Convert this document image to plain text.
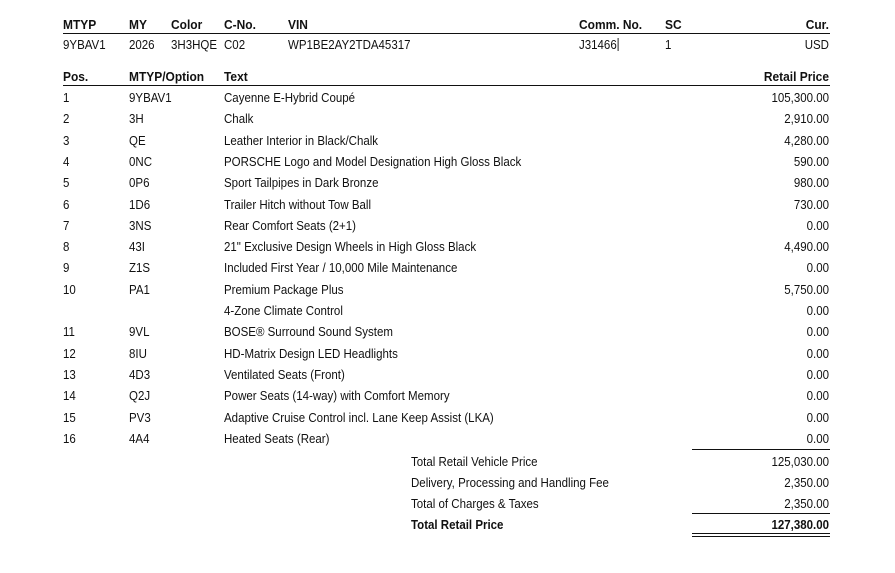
MTYP	MY Color C-No. VIN	Comm. No. SC	Cur.
9YBAV1 2026 3H3HQE C02	WP1BE2AY2TDA45317	J31466	1	USD
Pos.	MTYP/Option Text	Retail Price
1	9YBAV1	Cayenne E-Hybrid Coupé	105,300.00
2	3H	Chalk	2,910.00
3	QE	Leather Interior in Black/Chalk	4,280.00
4	0NC	PORSCHE Logo and Model Designation High Gloss Black	590.00
5	0P6	Sport Tailpipes in Dark Bronze	980.00
6	1D6	Trailer Hitch without Tow Ball	730.00
7	3NS	Rear Comfort Seats (2+1)	0.00
8	43I	21" Exclusive Design Wheels in High Gloss Black	4,490.00
9	Z1S	Included First Year / 10,000 Mile Maintenance	0.00
10	PA1	Premium Package Plus	5,750.00
4-Zone Climate Control	0.00
11	9VL	BOSE® Surround Sound System	0.00
12	8IU	HD-Matrix Design LED Headlights	0.00
13	4D3	Ventilated Seats (Front)	0.00
14	Q2J	Power Seats (14-way) with Comfort Memory	0.00
15	PV3	Adaptive Cruise Control incl. Lane Keep Assist (LKA)	0.00
16	4A4	Heated Seats (Rear)	0.00
Total Retail Vehicle Price	125,030.00
Delivery, Processing and Handling Fee	2,350.00
Total of Charges & Taxes	2,350.00
Total Retail Price	127,380.00
